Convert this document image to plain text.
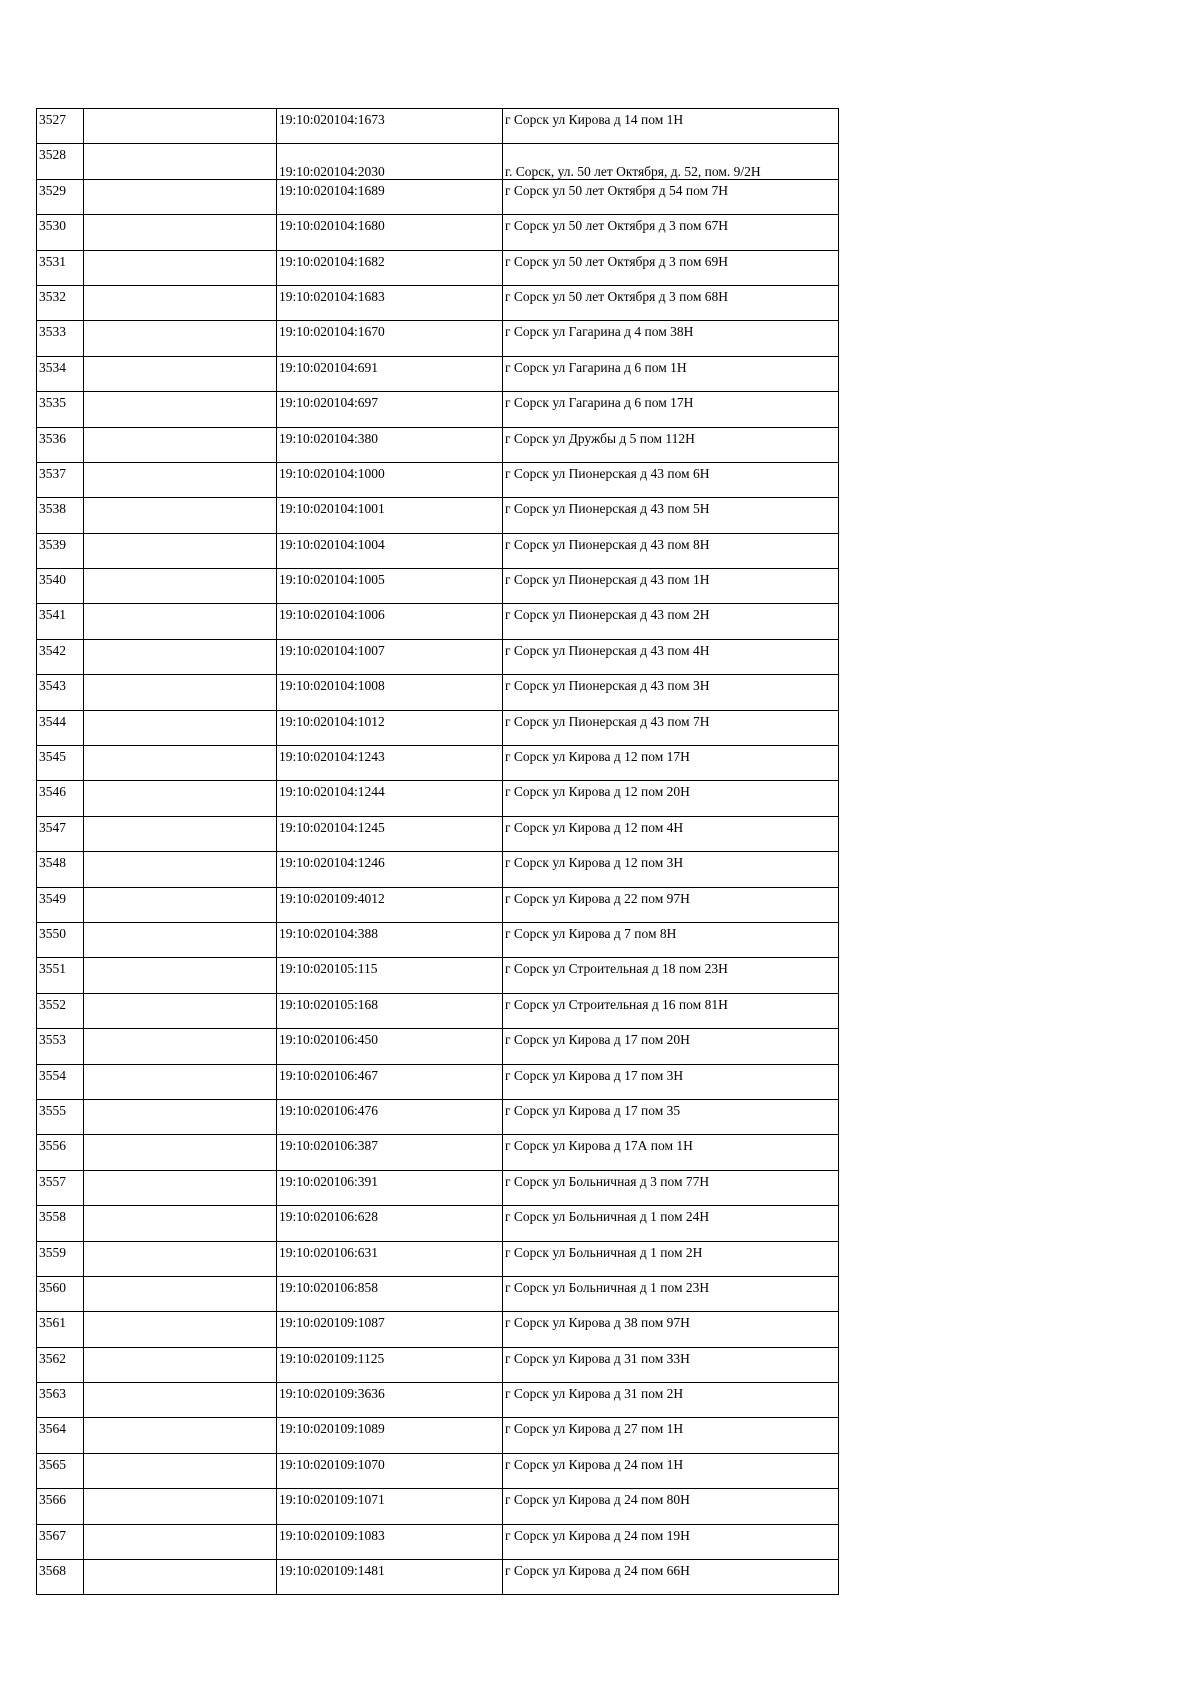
3527		19:10:020104:1673	г Сорск ул Кирова д 14 пом 1Н
3528		19:10:020104:2030	г. Сорск, ул. 50 лет Октября, д. 52, пом. 9/2Н
3529		19:10:020104:1689	г Сорск ул 50 лет Октября д 54 пом 7Н
3530		19:10:020104:1680	г Сорск ул 50 лет Октября д 3 пом 67Н
3531		19:10:020104:1682	г Сорск ул 50 лет Октября д 3 пом 69Н
3532		19:10:020104:1683	г Сорск ул 50 лет Октября д 3 пом 68Н
3533		19:10:020104:1670	г Сорск ул Гагарина д 4 пом 38Н
3534		19:10:020104:691	г Сорск ул Гагарина д 6 пом 1Н
3535		19:10:020104:697	г Сорск ул Гагарина д 6 пом 17Н
3536		19:10:020104:380	г Сорск ул Дружбы д 5 пом 112Н
3537		19:10:020104:1000	г Сорск ул Пионерская д 43 пом 6Н
3538		19:10:020104:1001	г Сорск ул Пионерская д 43 пом 5Н
3539		19:10:020104:1004	г Сорск ул Пионерская д 43 пом 8Н
3540		19:10:020104:1005	г Сорск ул Пионерская д 43 пом 1Н
3541		19:10:020104:1006	г Сорск ул Пионерская д 43 пом 2Н
3542		19:10:020104:1007	г Сорск ул Пионерская д 43 пом 4Н
3543		19:10:020104:1008	г Сорск ул Пионерская д 43 пом 3Н
3544		19:10:020104:1012	г Сорск ул Пионерская д 43 пом 7Н
3545		19:10:020104:1243	г Сорск ул Кирова д 12 пом 17Н
3546		19:10:020104:1244	г Сорск ул Кирова д 12 пом 20Н
3547		19:10:020104:1245	г Сорск ул Кирова д 12 пом 4Н
3548		19:10:020104:1246	г Сорск ул Кирова д 12 пом 3Н
3549		19:10:020109:4012	г Сорск ул Кирова д 22 пом 97Н
3550		19:10:020104:388	г Сорск ул Кирова д 7 пом 8Н
3551		19:10:020105:115	г Сорск ул Строительная д 18 пом 23Н
3552		19:10:020105:168	г Сорск ул Строительная д 16 пом 81Н
3553		19:10:020106:450	г Сорск ул Кирова д 17 пом 20Н
3554		19:10:020106:467	г Сорск ул Кирова д 17 пом 3Н
3555		19:10:020106:476	г Сорск ул Кирова д 17 пом 35
3556		19:10:020106:387	г Сорск ул Кирова д 17А пом 1Н
3557		19:10:020106:391	г Сорск ул Больничная д 3 пом 77Н
3558		19:10:020106:628	г Сорск ул Больничная д 1 пом 24Н
3559		19:10:020106:631	г Сорск ул Больничная д 1 пом 2Н
3560		19:10:020106:858	г Сорск ул Больничная д 1 пом 23Н
3561		19:10:020109:1087	г Сорск ул Кирова д 38 пом 97Н
3562		19:10:020109:1125	г Сорск ул Кирова д 31 пом 33Н
3563		19:10:020109:3636	г Сорск ул Кирова д 31 пом 2Н
3564		19:10:020109:1089	г Сорск ул Кирова д 27 пом 1Н
3565		19:10:020109:1070	г Сорск ул Кирова д 24 пом 1Н
3566		19:10:020109:1071	г Сорск ул Кирова д 24 пом 80Н
3567		19:10:020109:1083	г Сорск ул Кирова д 24 пом 19Н
3568		19:10:020109:1481	г Сорск ул Кирова д 24 пом 66Н
